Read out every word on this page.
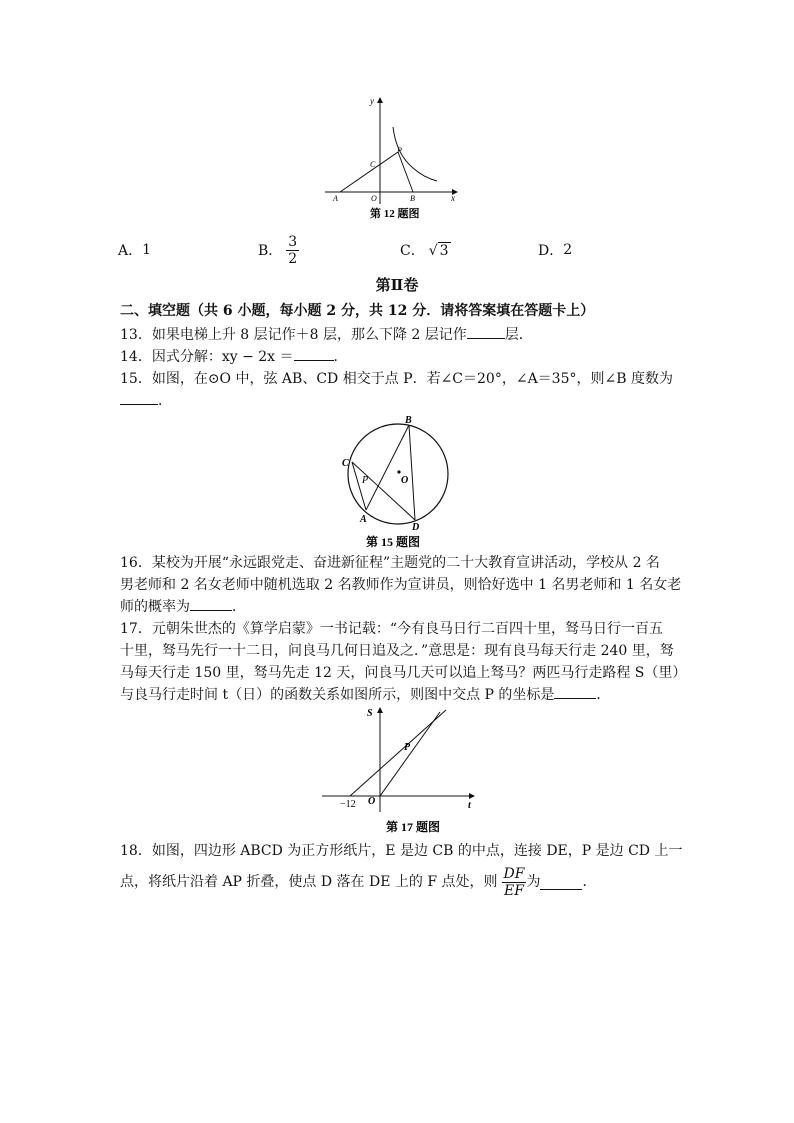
y
x
A	O	B
C
P
第 12 题图
A． 1	B． $\frac{3}{2}$	C． √ 3	D． 2
第Ⅱ卷
二、填空题（共 6 小题，每小题 2 分，共 12 分．请将答案填在答题卡上）
13．如果电梯上升 8 层记作＋8 层，那么下降 2 层记作	层．
14．因式分解：xy − 2x ＝	．
15．如图，在⊙O 中，弦 AB、CD 相交于点 P．若∠C＝20°，∠A＝35°，则∠B 度数为
．
B
C
P	O
A
D
第 15 题图
16．某校为开展“永远跟党走、奋进新征程”主题党的二十大教育宣讲活动，学校从 2 名
男老师和 2 名女老师中随机选取 2 名教师作为宣讲员，则恰好选中 1 名男老师和 1 名女老
师的概率为	．
17．元朝朱世杰的《算学启蒙》一书记载：“今有良马日行二百四十里，驽马日行一百五
十里，驽马先行一十二日，问良马几何日追及之．”意思是：现有良马每天行走 240 里，驽
马每天行走 150 里，驽马先走 12 天，问良马几天可以追上驽马？两匹马行走路程 S（里）
与良马行走时间 t（日）的函数关系如图所示，则图中交点 P 的坐标是	．
S
t
P
O
−12
第 17 题图
18．如图，四边形 ABCD 为正方形纸片，E 是边 CB 的中点，连接 DE，P 是边 CD 上一
点，将纸片沿着 AP 折叠，使点 D 落在 DE 上的 F 点处，则 $\frac{DF}{EF}$ 为	．
